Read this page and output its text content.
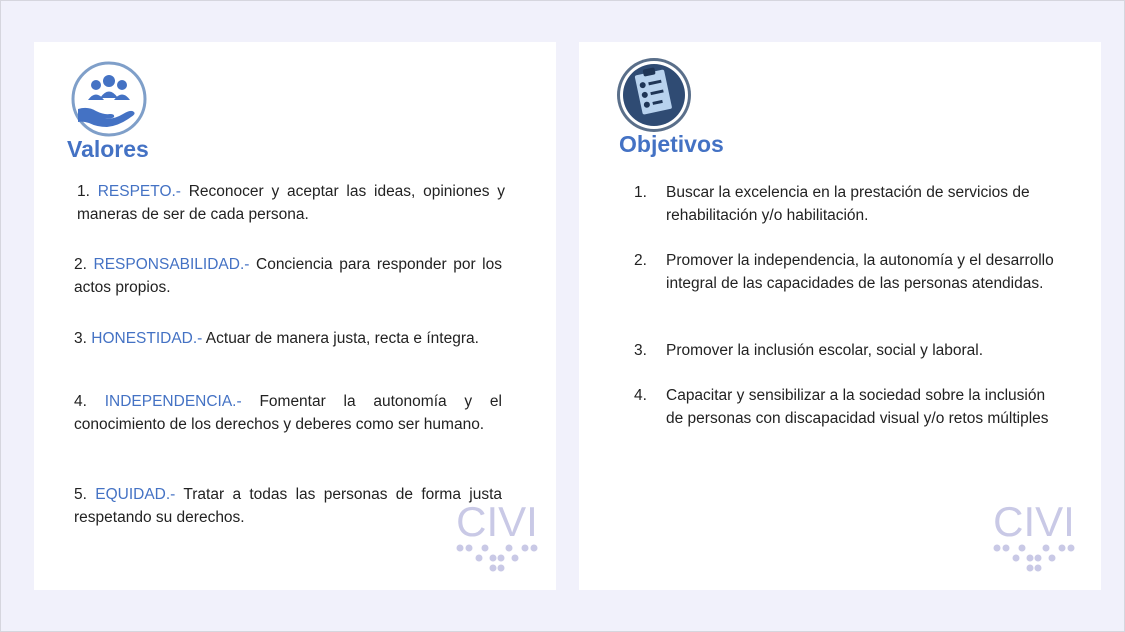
Valores
1. RESPETO.- Reconocer y aceptar las ideas, opiniones y maneras de ser de cada persona.
2. RESPONSABILIDAD.- Conciencia para responder por los actos propios.
3. HONESTIDAD.- Actuar de manera justa, recta e íntegra.
4. INDEPENDENCIA.- Fomentar la autonomía y el conocimiento de los derechos y deberes como ser humano.
5. EQUIDAD.- Tratar a todas las personas de forma justa respetando su derechos.	CIVI
Objetivos
1. Buscar la excelencia en la prestación de servicios de rehabilitación y/o habilitación.
2. Promover la independencia, la autonomía y el desarrollo integral de las capacidades de las personas atendidas.
3. Promover la inclusión escolar, social y laboral.
4. Capacitar y sensibilizar a la sociedad sobre la inclusión de personas con discapacidad visual y/o retos múltiples
CIVI
